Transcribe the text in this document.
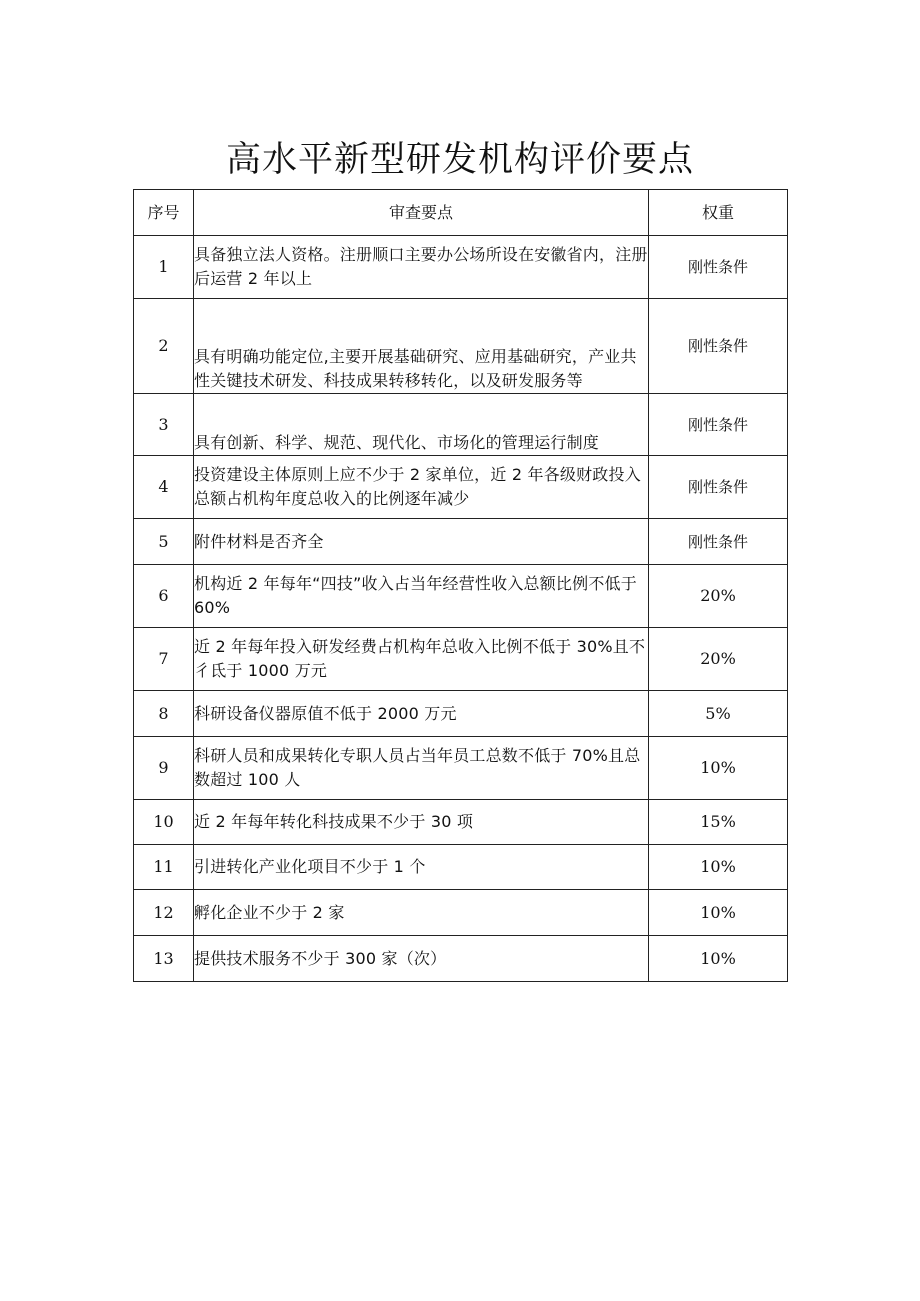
高水平新型研发机构评价要点
序号	审查要点	权重
1	具备独立法人资格。注册顺口主要办公场所设在安徽省内，注册后运营 2 年以上	刚性条件
2	具有明确功能定位,主要开展基础研究、应用基础研究，产业共性关键技术研发、科技成果转移转化，以及研发服务等	刚性条件
3	具有创新、科学、规范、现代化、市场化的管理运行制度	刚性条件
4	投资建设主体原则上应不少于 2 家单位，近 2 年各级财政投入总额占机构年度总收入的比例逐年减少	刚性条件
5	附件材料是否齐全	刚性条件
6	机构近 2 年每年“四技”收入占当年经营性收入总额比例不低于 60%	20%
7	近 2 年每年投入研发经费占机构年总收入比例不低于 30%且不彳氐于 1000 万元	20%
8	科研设备仪器原值不低于 2000 万元	5%
9	科研人员和成果转化专职人员占当年员工总数不低于 70%且总数超过 100 人	10%
10	近 2 年每年转化科技成果不少于 30 项	15%
11	引进转化产业化项目不少于 1 个	10%
12	孵化企业不少于 2 家	10%
13	提供技术服务不少于 300 家（次）	10%
